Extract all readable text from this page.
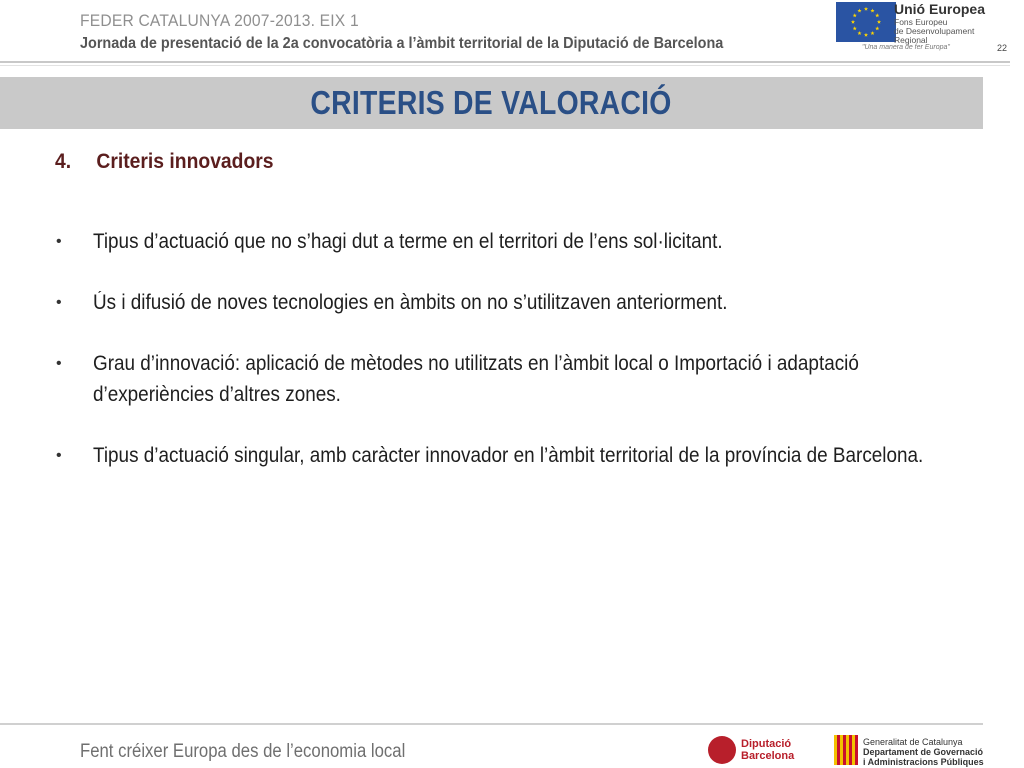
FEDER CATALUNYA 2007-2013. EIX 1
Jornada de presentació de la 2a convocatòria a l’àmbit territorial de la Diputació de Barcelona
Unió Europea
Fons Europeu
de Desenvolupament
Regional
"Una manera de fer Europa"	22
CRITERIS DE VALORACIÓ
4. Criteris innovadors
• Tipus d’actuació que no s’hagi dut a terme en el territori de l’ens sol·licitant.
• Ús i difusió de noves tecnologies en àmbits on no s’utilitzaven anteriorment.
• Grau d’innovació: aplicació de mètodes no utilitzats en l’àmbit local o Importació i adaptació d’experiències d’altres zones.
• Tipus d’actuació singular, amb caràcter innovador en l’àmbit territorial de la província de Barcelona.
Fent créixer Europa des de l’economia local	Diputació
Barcelona
Generalitat de Catalunya
Departament de Governació
i Administracions Públiques
